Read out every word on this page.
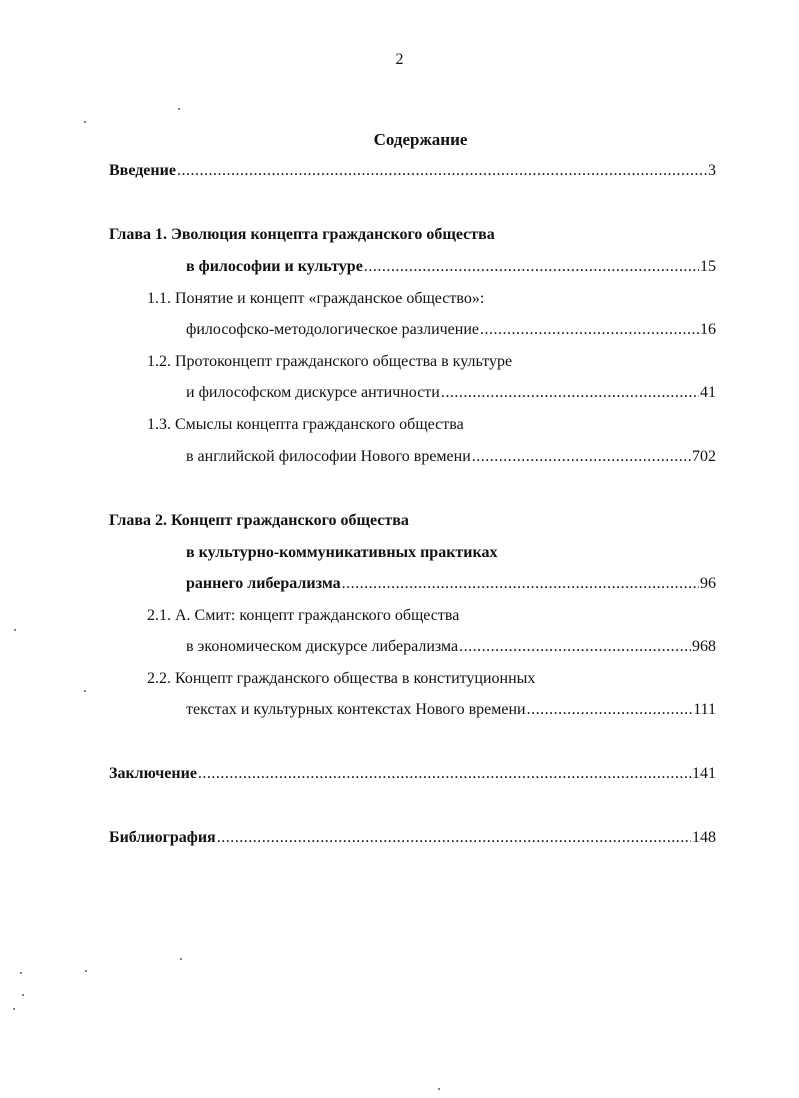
2
Содержание
Введение .....	3
Глава 1. Эволюция концепта гражданского общества
в философии и культуре .....	15
1.1. Понятие и концепт «гражданское общество»:
философско-методологическое различение .....	16
1.2. Протоконцепт гражданского общества в культуре
и философском дискурсе античности .....	41
1.3. Смыслы концепта гражданского общества
в английской философии Нового времени .....	702
Глава 2. Концепт гражданского общества
в культурно-коммуникативных практиках
раннего либерализма .....	96
2.1. А. Смит: концепт гражданского общества
в экономическом дискурсе либерализма .....	968
2.2. Концепт гражданского общества в конституционных
текстах и культурных контекстах Нового времени .....	111
Заключение .....	141
Библиография .....	148
